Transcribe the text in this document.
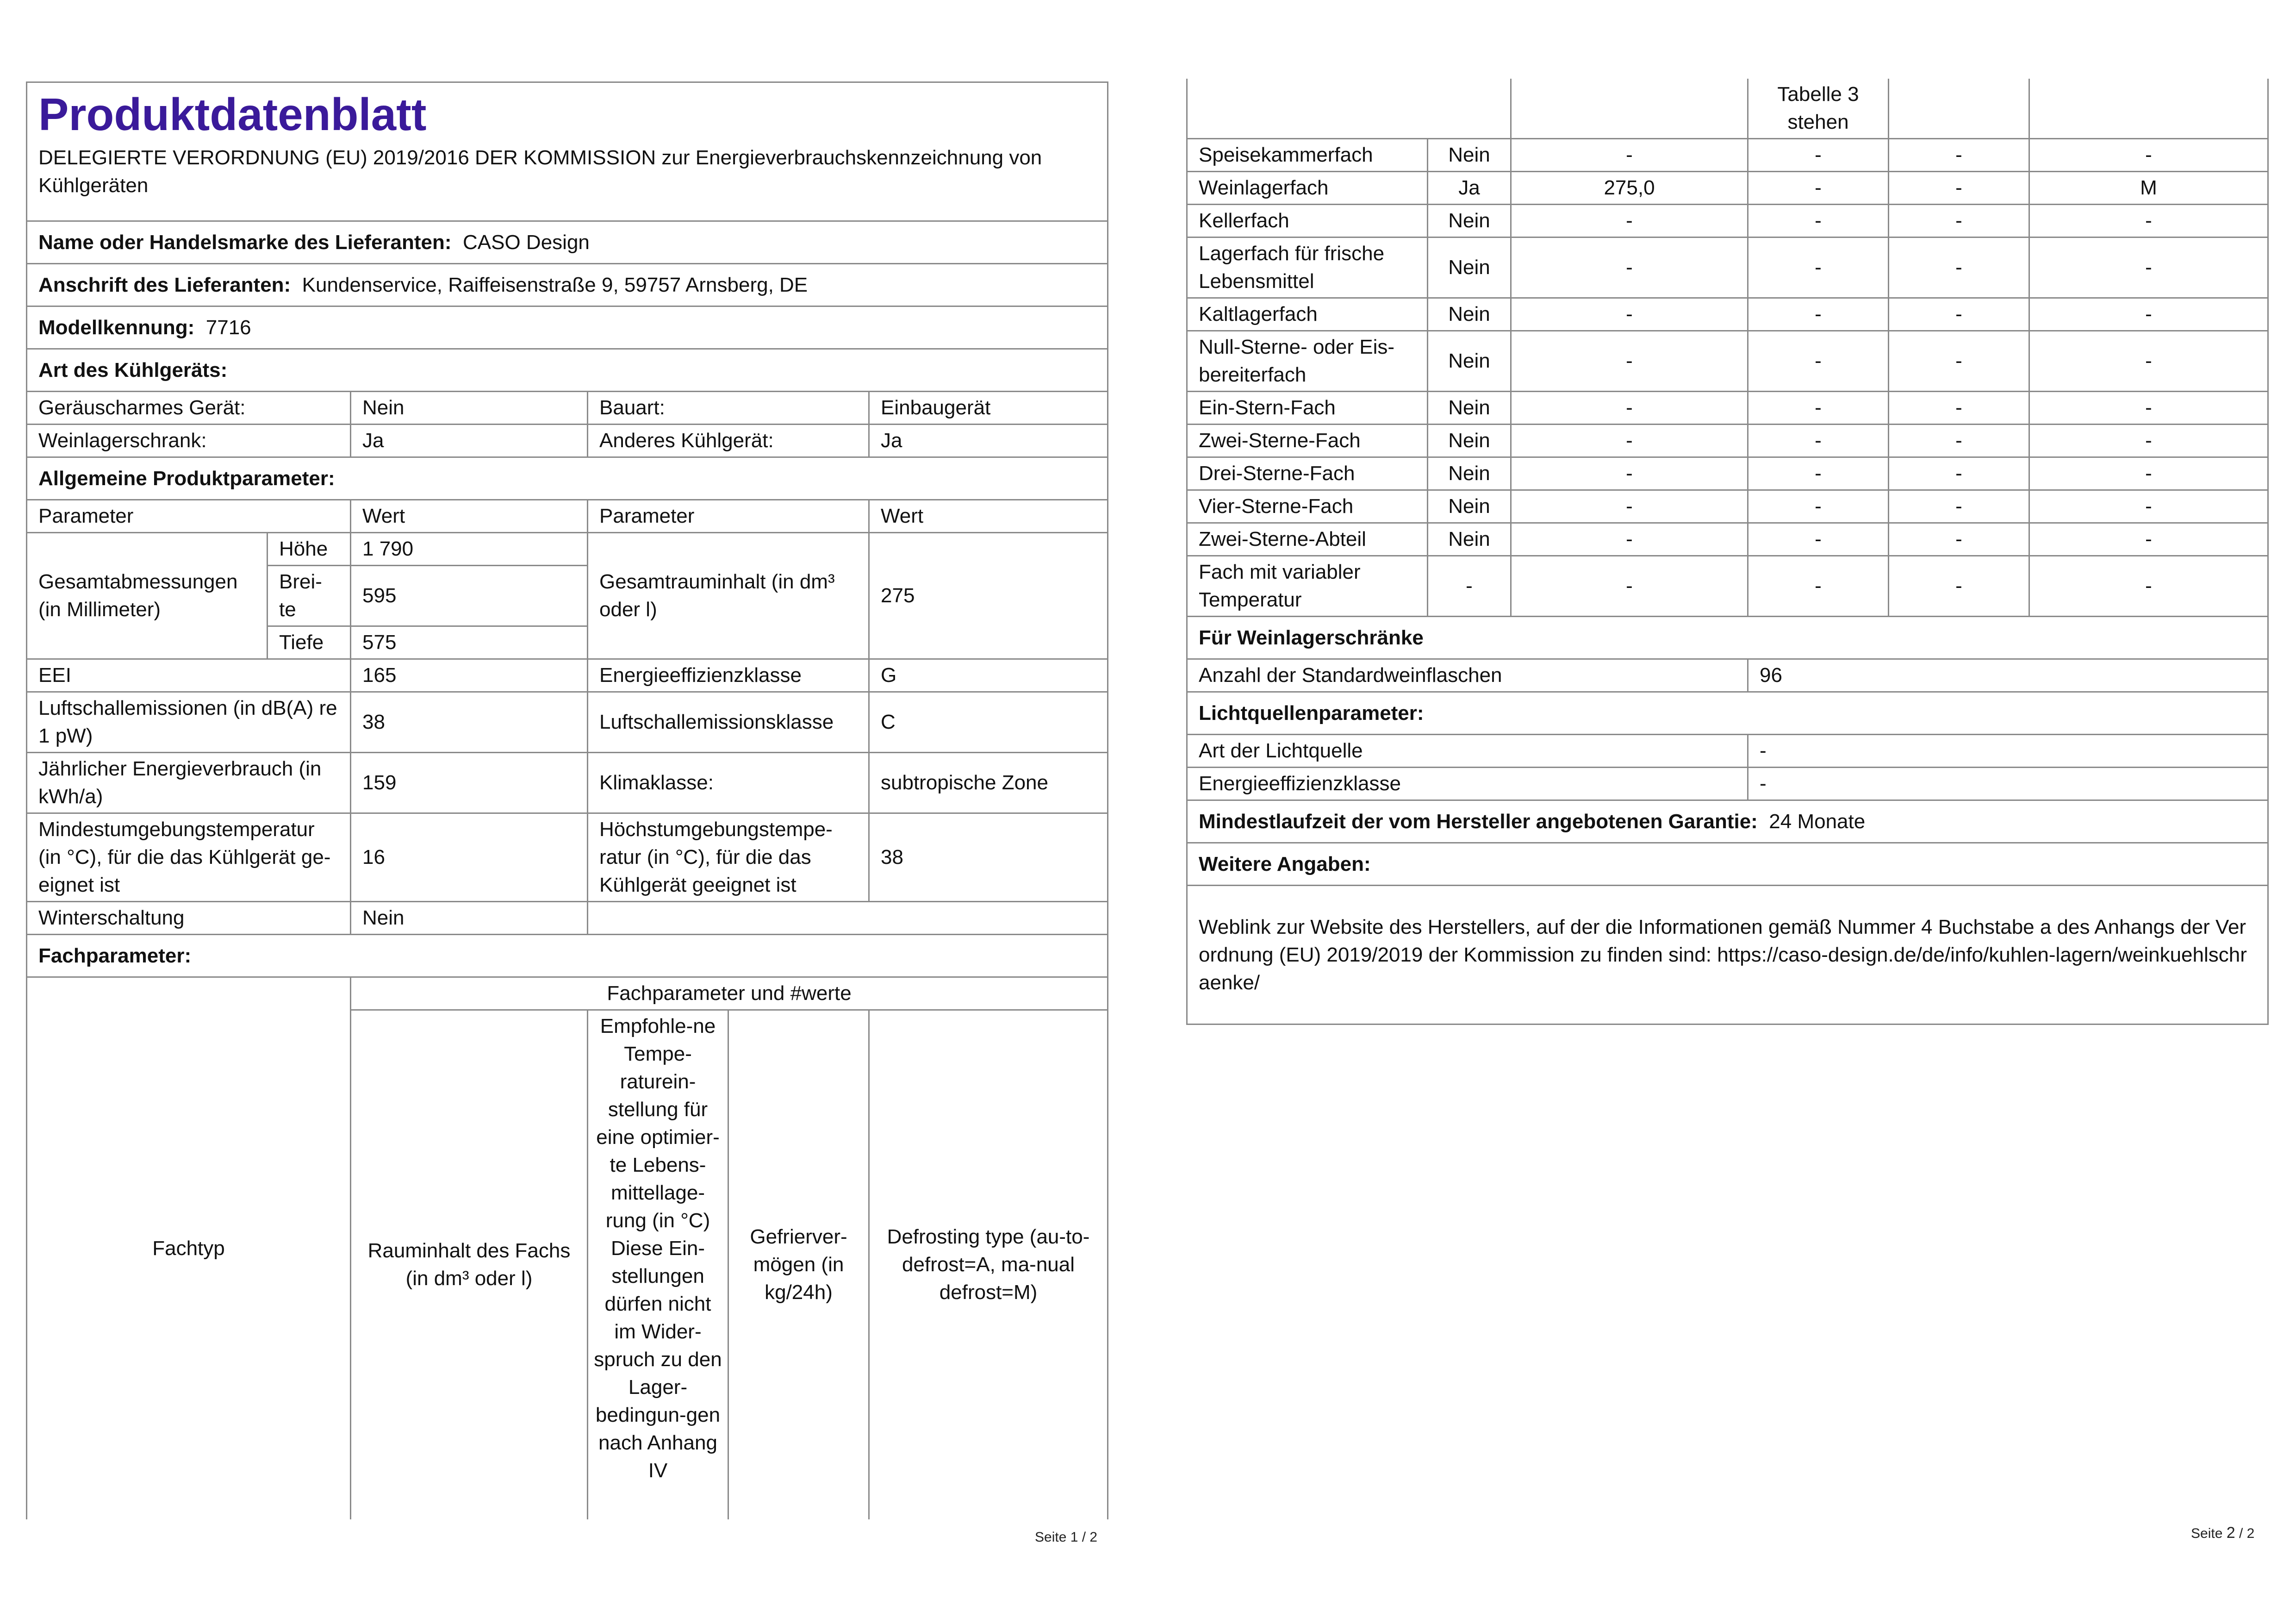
Produktdatenblatt
DELEGIERTE VERORDNUNG (EU) 2019/2016 DER KOMMISSION zur Energieverbrauchskennzeichnung von Kühlgeräten					

Name oder Handelsmarke des Lieferanten: CASO Design					
Anschrift des Lieferanten: Kundenservice, Raiffeisenstraße 9, 59757 Arnsberg, DE					
Modellkennung: 7716					
Art des Kühlgeräts:					
Geräuscharmes Gerät:		Nein	Bauart:		Einbaugerät
Weinlagerschrank:		Ja	Anderes Kühlgerät:		Ja
Allgemeine Produktparameter:					
Parameter		Wert	Parameter		Wert
Gesamtabmessungen (in Millimeter)	Höhe	1 790	Gesamtrauminhalt (in dm³ oder l)		275
	Brei-te	595			
	Tiefe	575			
EEI		165	Energieeffizienzklasse		G
Luftschallemissionen (in dB(A) re 1 pW)		38	Luftschallemissionsklasse		C
Jährlicher Energieverbrauch (in kWh/a)		159	Klimaklasse:		subtropische Zone
Mindestumgebungstemperatur (in °C), für die das Kühlgerät ge-eignet ist		16	Höchstumgebungstempe-ratur (in °C), für die das Kühlgerät geeignet ist		38
Winterschaltung		Nein			
Fachparameter:					
Fachtyp		Fachparameter und #werte			
		Rauminhalt des Fachs (in dm³ oder l)	Empfohle-ne Tempe-raturein-stellung für eine optimier-te Lebens-mittellage-rung (in °C) Diese Ein-stellungen dürfen nicht im Wider-spruch zu den Lager-bedingun-gen nach Anhang IV	Gefrierver-mögen (in kg/24h)	Defrosting type (au-to-defrost=A, ma-nual defrost=M)
Seite 1 / 2
			Tabelle 3 stehen		
Speisekammerfach	Nein	-	-	-	-
Weinlagerfach	Ja	275,0	-	-	M
Kellerfach	Nein	-	-	-	-
Lagerfach für frische Lebensmittel	Nein	-	-	-	-
Kaltlagerfach	Nein	-	-	-	-
Null-Sterne- oder Eis-bereiterfach	Nein	-	-	-	-
Ein-Stern-Fach	Nein	-	-	-	-
Zwei-Sterne-Fach	Nein	-	-	-	-
Drei-Sterne-Fach	Nein	-	-	-	-
Vier-Sterne-Fach	Nein	-	-	-	-
Zwei-Sterne-Abteil	Nein	-	-	-	-
Fach mit variabler Temperatur	-	-	-	-	-
Für Weinlagerschränke					
Anzahl der Standardweinflaschen			96		
Lichtquellenparameter:					
Art der Lichtquelle			-		
Energieeffizienzklasse			-		
Mindestlaufzeit der vom Hersteller angebotenen Garantie: 24 Monate					
Weitere Angaben:					
Weblink zur Website des Herstellers, auf der die Informationen gemäß Nummer 4 Buchstabe a des Anhangs der Verordnung (EU) 2019/2019 der Kommission zu finden sind: https://caso-design.de/de/info/kuhlen-lagern/weinkuehlschraenke/					
Seite 2 / 2
